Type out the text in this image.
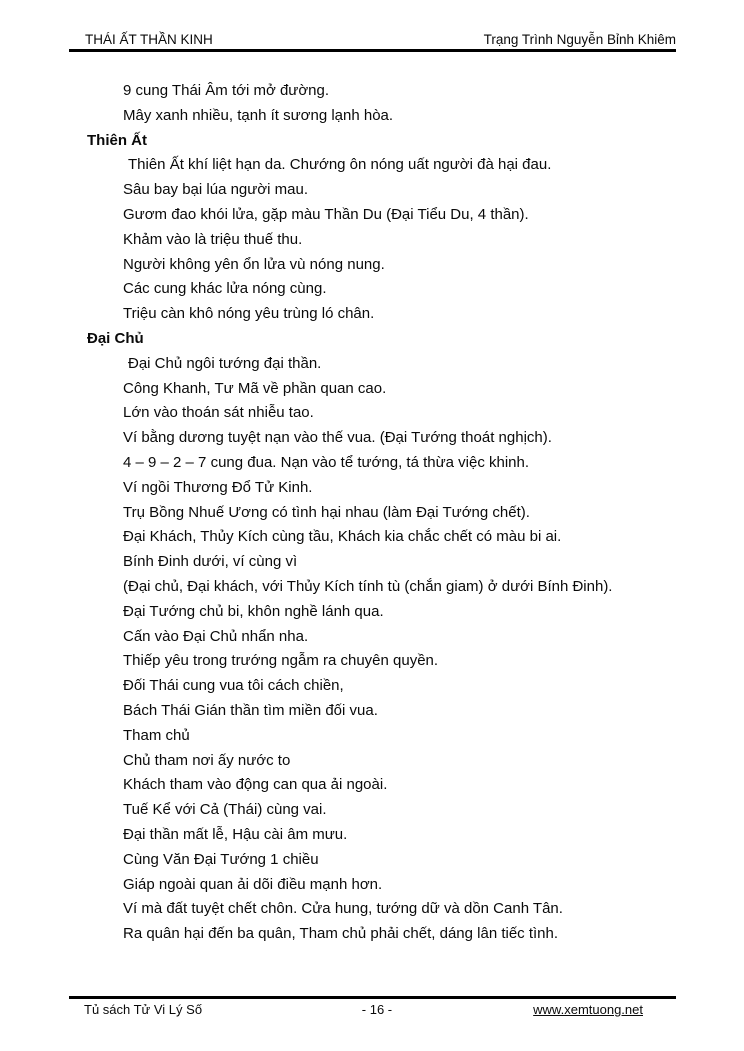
THÁI ẤT THẦN KINH	Trạng Trình Nguyễn Bỉnh Khiêm
9 cung Thái Âm tới mở đường.
Mây xanh nhiều, tạnh ít sương lạnh hòa.
Thiên Ất
Thiên Ất khí liệt hạn da. Chướng ôn nóng uất người đà hại đau.
Sâu bay bại lúa người mau.
Gươm đao khói lửa, gặp màu Thần Du (Đại Tiểu Du, 4 thần).
Khảm vào là triệu thuế thu.
Người không yên ổn lửa vù nóng nung.
Các cung khác lửa nóng cùng.
Triệu càn khô nóng yêu trùng ló chân.
Đại Chủ
Đại Chủ ngôi tướng đại thần.
Công Khanh, Tư Mã về phần quan cao.
Lớn vào thoán sát nhiễu tao.
Ví bằng dương tuyệt nạn vào thế vua. (Đại Tướng thoát nghịch).
4 – 9 – 2 – 7 cung đua. Nạn vào tể tướng, tá thừa việc khinh.
Ví ngồi Thương Đổ Tử Kinh.
Trụ Bồng Nhuế Ương có tình hại nhau (làm Đại Tướng chết).
Đại Khách, Thủy Kích cùng tầu, Khách kia chắc chết có màu bi ai.
Bính Đinh dưới, ví cùng vì
(Đại chủ, Đại khách, với Thủy Kích tính tù (chắn giam) ở dưới Bính Đinh).
Đại Tướng chủ bi, khôn nghề lánh qua.
Cấn vào Đại Chủ nhẩn nha.
Thiếp yêu trong trướng ngẫm ra chuyên quyền.
Đối Thái cung vua tôi cách chiền,
Bách Thái Gián thần tìm miền đối vua.
Tham chủ
Chủ tham nơi ấy nước to
Khách tham vào động can qua ải ngoài.
Tuế Kể với Cả (Thái) cùng vai.
Đại thần mất lễ, Hậu cài âm mưu.
Cùng Văn Đại Tướng 1 chiều
Giáp ngoài quan ải dõi điều mạnh hơn.
Ví mà đất tuyệt chết chôn. Cửa hung, tướng dữ và dồn Canh Tân.
Ra quân hại đến ba quân, Tham chủ phải chết, dáng lân tiếc tình.
Tủ sách Tử Vi Lý Số	- 16 -	www.xemtuong.net
